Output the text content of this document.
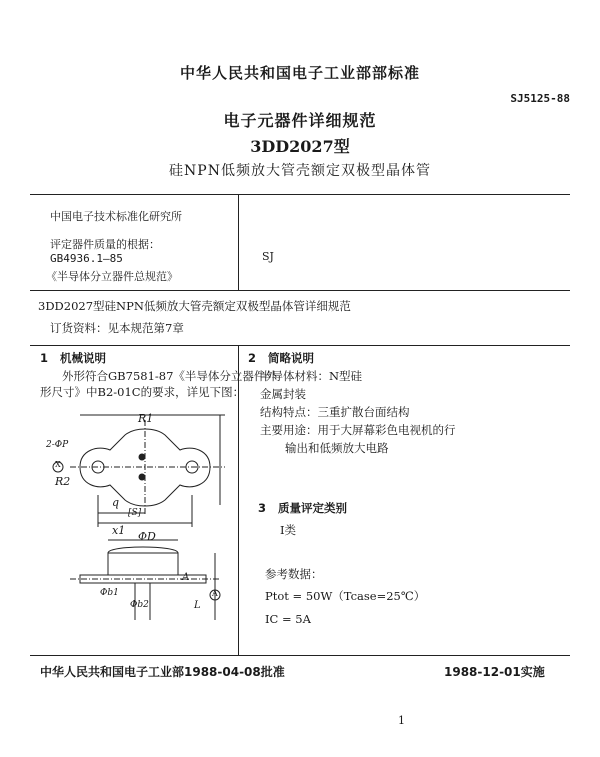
中华人民共和国电子工业部部标准
SJ5125-88
电子元器件详细规范
3DD2027型
硅NPN低频放大管壳额定双极型晶体管
中国电子技术标准化研究所
评定器件质量的根据：
GB4936.1—85
《半导体分立器件总规范》
SJ
3DD2027型硅NPN低频放大管壳额定双极型晶体管详细规范
订货资料：见本规范第7章
1 机械说明
外形符合GB7581-87《半导体分立器件外
形尺寸》中B2-01C的要求，详见下图：
R1
R2
2-ΦP
q
[S]
x1 ΦD
Φb1
Φb2
A
L
X
A
2 简略说明
半导体材料：N型硅
金属封装
结构特点：三重扩散台面结构
主要用途：用于大屏幕彩色电视机的行
输出和低频放大电路
3 质量评定类别
Ⅰ类
参考数据：
Ptot = 50W（Tcase=25℃）
IC = 5A
中华人民共和国电子工业部1988-04-08批准	1988-12-01实施
1
